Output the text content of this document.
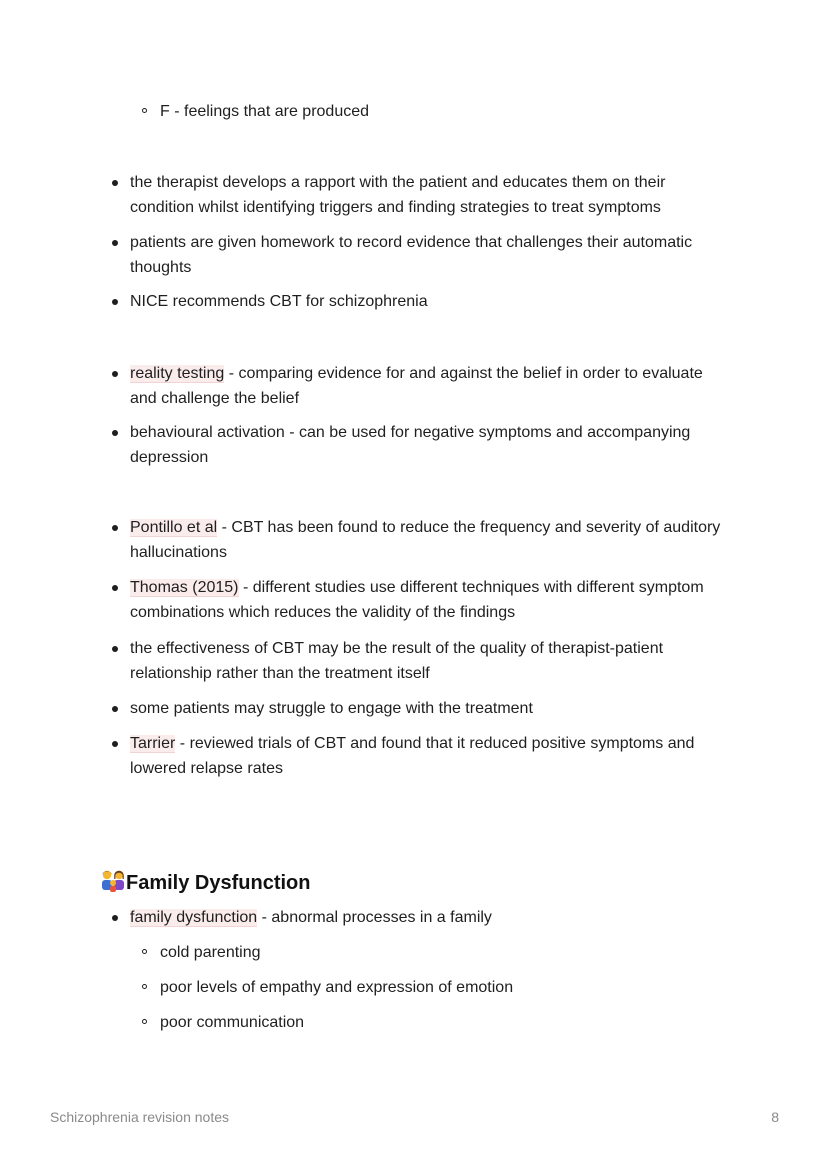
F - feelings that are produced
the therapist develops a rapport with the patient and educates them on their condition whilst identifying triggers and finding strategies to treat symptoms
patients are given homework to record evidence that challenges their automatic thoughts
NICE recommends CBT for schizophrenia
reality testing - comparing evidence for and against the belief in order to evaluate and challenge the belief
behavioural activation - can be used for negative symptoms and accompanying depression
Pontillo et al - CBT has been found to reduce the frequency and severity of auditory hallucinations
Thomas (2015) - different studies use different techniques with different symptom combinations which reduces the validity of the findings
the effectiveness of CBT may be the result of the quality of therapist-patient relationship rather than the treatment itself
some patients may struggle to engage with the treatment
Tarrier - reviewed trials of CBT and found that it reduced positive symptoms and lowered relapse rates
Family Dysfunction
family dysfunction - abnormal processes in a family
cold parenting
poor levels of empathy and expression of emotion
poor communication
Schizophrenia revision notes	8
